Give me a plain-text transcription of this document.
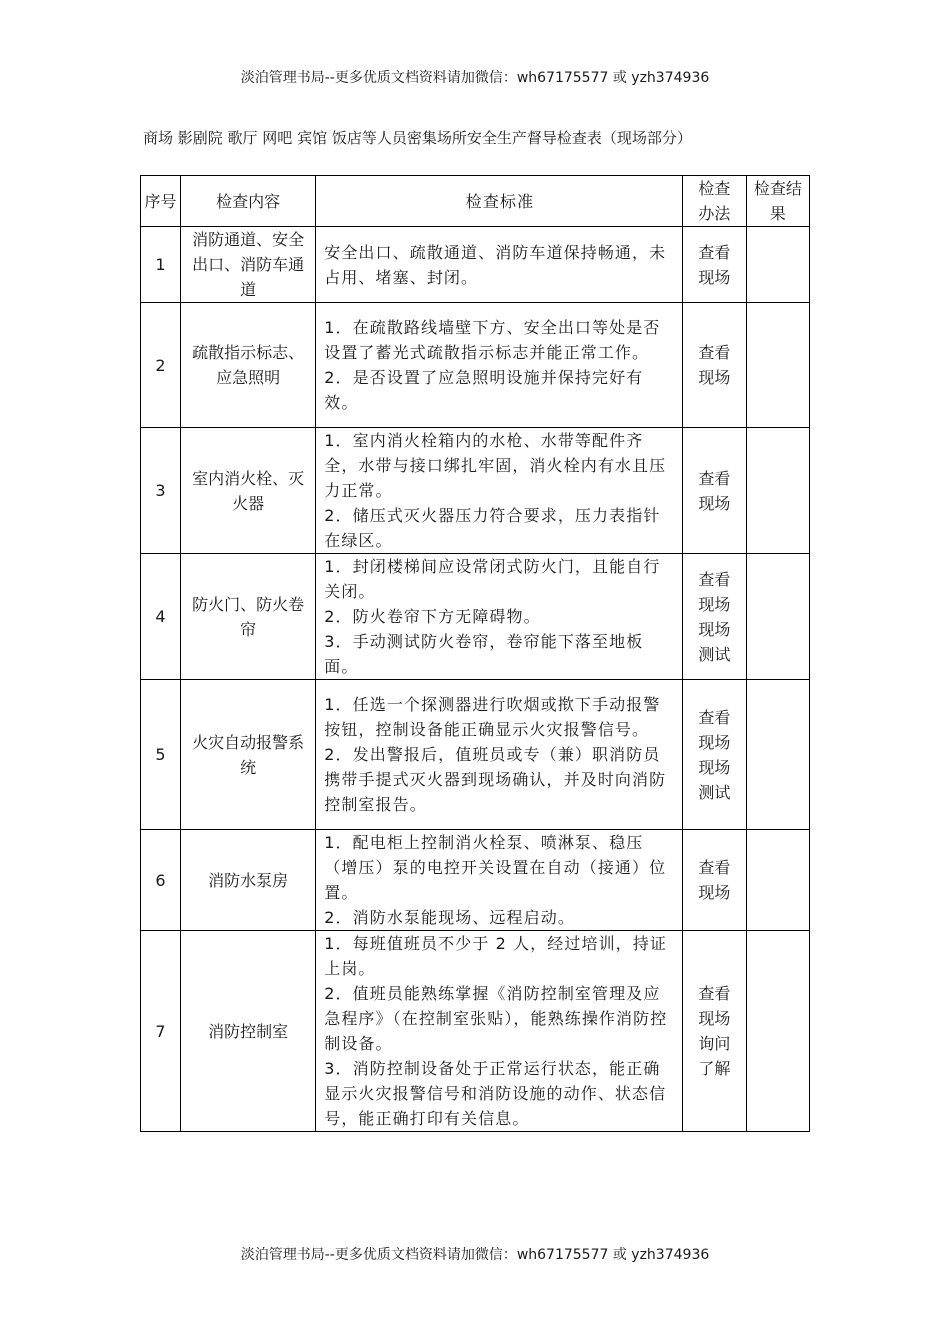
淡泊管理书局--更多优质文档资料请加微信：wh67175577 或 yzh374936
商场 影剧院 歌厅 网吧 宾馆 饭店等人员密集场所安全生产督导检查表（现场部分）
序号	检查内容	检查标准	检查办法	检查结果
1	消防通道、安全出口、消防车通道	安全出口、疏散通道、消防车道保持畅通，未占用、堵塞、封闭。	查看现场	
2	疏散指示标志、应急照明	1．在疏散路线墙壁下方、安全出口等处是否设置了蓄光式疏散指示标志并能正常工作。
2．是否设置了应急照明设施并保持完好有效。	查看现场	
3	室内消火栓、灭火器	1．室内消火栓箱内的水枪、水带等配件齐全，水带与接口绑扎牢固，消火栓内有水且压力正常。
2．储压式灭火器压力符合要求，压力表指针在绿区。	查看现场	
4	防火门、防火卷帘	1．封闭楼梯间应设常闭式防火门，且能自行关闭。
2．防火卷帘下方无障碍物。
3．手动测试防火卷帘，卷帘能下落至地板面。	查看现场现场测试	
5	火灾自动报警系统	1．任选一个探测器进行吹烟或揿下手动报警按钮，控制设备能正确显示火灾报警信号。
2．发出警报后，值班员或专（兼）职消防员携带手提式灭火器到现场确认，并及时向消防控制室报告。	查看现场现场测试	
6	消防水泵房	1．配电柜上控制消火栓泵、喷淋泵、稳压（增压）泵的电控开关设置在自动（接通）位置。
2．消防水泵能现场、远程启动。	查看现场	
7	消防控制室	1．每班值班员不少于 2 人，经过培训，持证上岗。
2．值班员能熟练掌握《消防控制室管理及应急程序》（在控制室张贴），能熟练操作消防控制设备。
3．消防控制设备处于正常运行状态，能正确显示火灾报警信号和消防设施的动作、状态信号，能正确打印有关信息。	查看现场询问了解	
淡泊管理书局--更多优质文档资料请加微信：wh67175577 或 yzh374936
